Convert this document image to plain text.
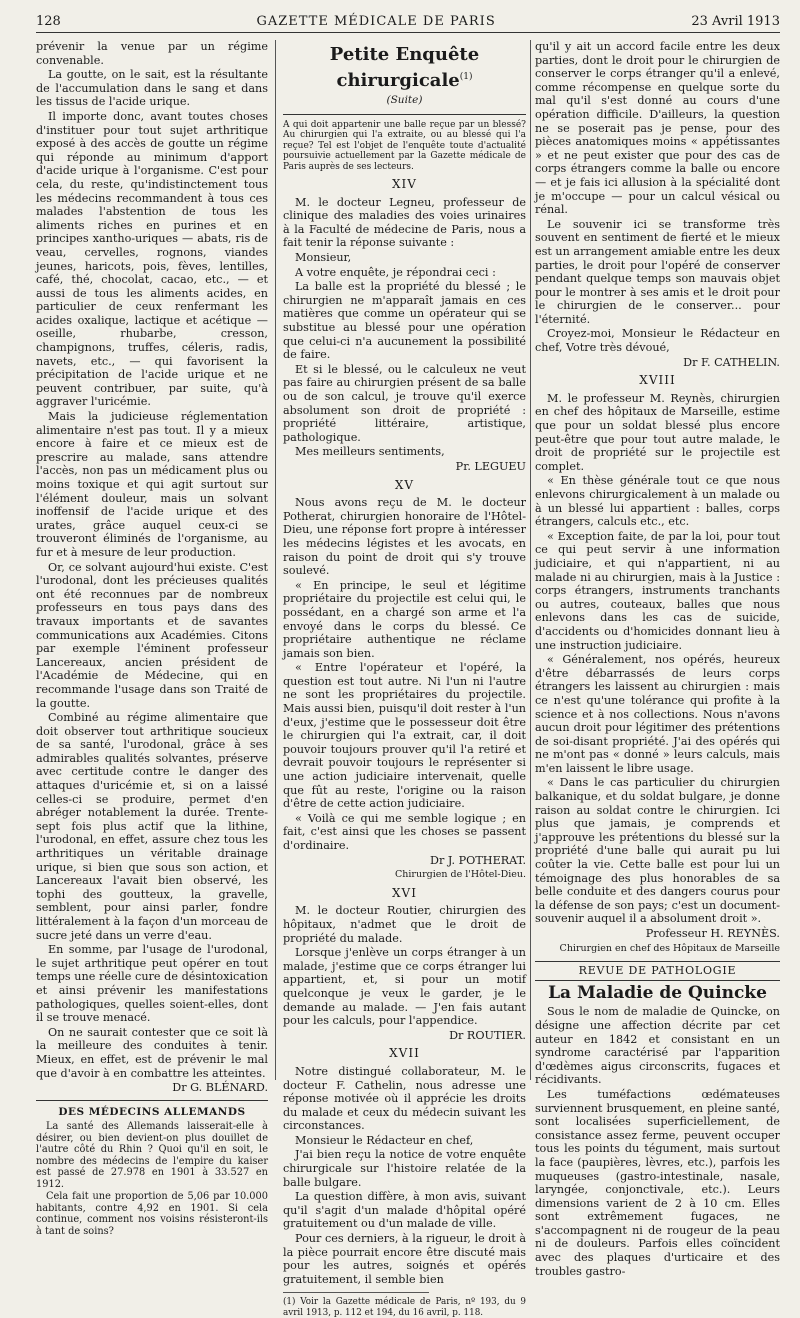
128	GAZETTE MÉDICALE DE PARIS	23 Avril 1913

prévenir la venue par un régime convenable.

La goutte, on le sait, est la résultante de l'accumulation dans le sang et dans les tissus de l'acide urique.

Il importe donc, avant toutes choses d'instituer pour tout sujet arthritique exposé à des accès de goutte un régime qui réponde au minimum d'apport d'acide urique à l'organisme. C'est pour cela, du reste, qu'indistinctement tous les médecins recommandent à tous ces malades l'abstention de tous les aliments riches en purines et en principes xantho-uriques — abats, ris de veau, cervelles, rognons, viandes jeunes, haricots, pois, fèves, lentilles, café, thé, chocolat, cacao, etc., — et aussi de tous les aliments acides, en particulier de ceux renfermant les acides oxalique, lactique et acétique — oseille, rhubarbe, cresson, champignons, truffes, céleris, radis, navets, etc., — qui favorisent la précipitation de l'acide urique et ne peuvent contribuer, par suite, qu'à aggraver l'uricémie.

Mais la judicieuse réglementation alimentaire n'est pas tout. Il y a mieux encore à faire et ce mieux est de prescrire au malade, sans attendre l'accès, non pas un médicament plus ou moins toxique et qui agit surtout sur l'élément douleur, mais un solvant inoffensif de l'acide urique et des urates, grâce auquel ceux-ci se trouveront éliminés de l'organisme, au fur et à mesure de leur production.

Or, ce solvant aujourd'hui existe. C'est l'urodonal, dont les précieuses qualités ont été reconnues par de nombreux professeurs en tous pays dans des travaux importants et de savantes communications aux Académies. Citons par exemple l'éminent professeur Lancereaux, ancien président de l'Académie de Médecine, qui en recommande l'usage dans son Traité de la goutte.

Combiné au régime alimentaire que doit observer tout arthritique soucieux de sa santé, l'urodonal, grâce à ses admirables qualités solvantes, préserve avec certitude contre le danger des attaques d'uricémie et, si on a laissé celles-ci se produire, permet d'en abréger notablement la durée. Trente-sept fois plus actif que la lithine, l'urodonal, en effet, assure chez tous les arthritiques un véritable drainage urique, si bien que sous son action, et Lancereaux l'avait bien observé, les tophi des goutteux, la gravelle, semblent, pour ainsi parler, fondre littéralement à la façon d'un morceau de sucre jeté dans un verre d'eau.

En somme, par l'usage de l'urodonal, le sujet arthritique peut opérer en tout temps une réelle cure de désintoxication et ainsi prévenir les manifestations pathologiques, quelles soient-elles, dont il se trouve menacé.

On ne saurait contester que ce soit là la meilleure des conduites à tenir. Mieux, en effet, est de prévenir le mal que d'avoir à en combattre les atteintes.

Dr G. BLÉNARD.

DES MÉDECINS ALLEMANDS

La santé des Allemands laisserait-elle à désirer, ou bien devient-on plus douillet de l'autre côté du Rhin ? Quoi qu'il en soit, le nombre des médecins de l'empire du kaiser est passé de 27.978 en 1901 à 33.527 en 1912.

Cela fait une proportion de 5,06 par 10.000 habitants, contre 4,92 en 1901. Si cela continue, comment nos voisins résisteront-ils à tant de soins?

Petite Enquête chirurgicale$^{(1)}$
(Suite)

A qui doit appartenir une balle reçue par un blessé? Au chirurgien qui l'a extraite, ou au blessé qui l'a reçue? Tel est l'objet de l'enquête toute d'actualité poursuivie actuellement par la Gazette médicale de Paris auprès de ses lecteurs.

XIV

M. le docteur Legneu, professeur de clinique des maladies des voies urinaires à la Faculté de médecine de Paris, nous a fait tenir la réponse suivante :

Monsieur,

A votre enquête, je répondrai ceci :

La balle est la propriété du blessé ; le chirurgien ne m'apparaît jamais en ces matières que comme un opérateur qui se substitue au blessé pour une opération que celui-ci n'a aucunement la possibilité de faire.

Et si le blessé, ou le calculeux ne veut pas faire au chirurgien présent de sa balle ou de son calcul, je trouve qu'il exerce absolument son droit de propriété : propriété littéraire, artistique, pathologique.

Mes meilleurs sentiments,

Pr. LEGUEU

XV

Nous avons reçu de M. le docteur Potherat, chirurgien honoraire de l'Hôtel-Dieu, une réponse fort propre à intéresser les médecins légistes et les avocats, en raison du point de droit qui s'y trouve soulevé.

« En principe, le seul et légitime propriétaire du projectile est celui qui, le possédant, en a chargé son arme et l'a envoyé dans le corps du blessé. Ce propriétaire authentique ne réclame jamais son bien.

« Entre l'opérateur et l'opéré, la question est tout autre. Ni l'un ni l'autre ne sont les propriétaires du projectile. Mais aussi bien, puisqu'il doit rester à l'un d'eux, j'estime que le possesseur doit être le chirurgien qui l'a extrait, car, il doit pouvoir toujours prouver qu'il l'a retiré et devrait pouvoir toujours le représenter si une action judiciaire intervenait, quelle que fût au reste, l'origine ou la raison d'être de cette action judiciaire.

« Voilà ce qui me semble logique ; en fait, c'est ainsi que les choses se passent d'ordinaire.

Dr J. POTHERAT.

Chirurgien de l'Hôtel-Dieu.

XVI

M. le docteur Routier, chirurgien des hôpitaux, n'admet que le droit de propriété du malade.

Lorsque j'enlève un corps étranger à un malade, j'estime que ce corps étranger lui appartient, et, si pour un motif quelconque je veux le garder, je le demande au malade. — J'en fais autant pour les calculs, pour l'appendice.

Dr ROUTIER.

XVII

Notre distingué collaborateur, M. le docteur F. Cathelin, nous adresse une réponse motivée où il apprécie les droits du malade et ceux du médecin suivant les circonstances.

Monsieur le Rédacteur en chef,

J'ai bien reçu la notice de votre enquête chirurgicale sur l'histoire relatée de la balle bulgare.

La question diffère, à mon avis, suivant qu'il s'agit d'un malade d'hôpital opéré gratuitement ou d'un malade de ville.

Pour ces derniers, à la rigueur, le droit à la pièce pourrait encore être discuté mais pour les autres, soignés et opérés gratuitement, il semble bien

(1) Voir la Gazette médicale de Paris, nº 193, du 9 avril 1913, p. 112 et 194, du 16 avril, p. 118.

qu'il y ait un accord facile entre les deux parties, dont le droit pour le chirurgien de conserver le corps étranger qu'il a enlevé, comme récompense en quelque sorte du mal qu'il s'est donné au cours d'une opération difficile. D'ailleurs, la question ne se poserait pas je pense, pour des pièces anatomiques moins « appétissantes » et ne peut exister que pour des cas de corps étrangers comme la balle ou encore — et je fais ici allusion à la spécialité dont je m'occupe — pour un calcul vésical ou rénal.

Le souvenir ici se transforme très souvent en sentiment de fierté et le mieux est un arrangement amiable entre les deux parties, le droit pour l'opéré de conserver pendant quelque temps son mauvais objet pour le montrer à ses amis et le droit pour le chirurgien de le conserver... pour l'éternité.

Croyez-moi, Monsieur le Rédacteur en chef, Votre très dévoué,

Dr F. CATHELIN.

XVIII

M. le professeur M. Reynès, chirurgien en chef des hôpitaux de Marseille, estime que pour un soldat blessé plus encore peut-être que pour tout autre malade, le droit de propriété sur le projectile est complet.

« En thèse générale tout ce que nous enlevons chirurgicalement à un malade ou à un blessé lui appartient : balles, corps étrangers, calculs etc., etc.

« Exception faite, de par la loi, pour tout ce qui peut servir à une information judiciaire, et qui n'appartient, ni au malade ni au chirurgien, mais à la Justice : corps étrangers, instruments tranchants ou autres, couteaux, balles que nous enlevons dans les cas de suicide, d'accidents ou d'homicides donnant lieu à une instruction judiciaire.

« Généralement, nos opérés, heureux d'être débarrassés de leurs corps étrangers les laissent au chirurgien : mais ce n'est qu'une tolérance qui profite à la science et à nos collections. Nous n'avons aucun droit pour légitimer des prétentions de soi-disant propriété. J'ai des opérés qui ne m'ont pas « donné » leurs calculs, mais m'en laissent le libre usage.

« Dans le cas particulier du chirurgien balkanique, et du soldat bulgare, je donne raison au soldat contre le chirurgien. Ici plus que jamais, je comprends et j'approuve les prétentions du blessé sur la propriété d'une balle qui aurait pu lui coûter la vie. Cette balle est pour lui un témoignage des plus honorables de sa belle conduite et des dangers courus pour la défense de son pays; c'est un document-souvenir auquel il a absolument droit ».

Professeur H. REYNÈS.

Chirurgien en chef des Hôpitaux de Marseille

REVUE DE PATHOLOGIE
La Maladie de Quincke

Sous le nom de maladie de Quincke, on désigne une affection décrite par cet auteur en 1842 et consistant en un syndrome caractérisé par l'apparition d'œdèmes aigus circonscrits, fugaces et récidivants.

Les tuméfactions œdémateuses surviennent brusquement, en pleine santé, sont localisées superficiellement, de consistance assez ferme, peuvent occuper tous les points du tégument, mais surtout la face (paupières, lèvres, etc.), parfois les muqueuses (gastro-intestinale, nasale, laryngée, conjonctivale, etc.). Leurs dimensions varient de 2 à 10 cm. Elles sont extrêmement fugaces, ne s'accompagnent ni de rougeur de la peau ni de douleurs. Parfois elles coïncident avec des plaques d'urticaire et des troubles gastro-
